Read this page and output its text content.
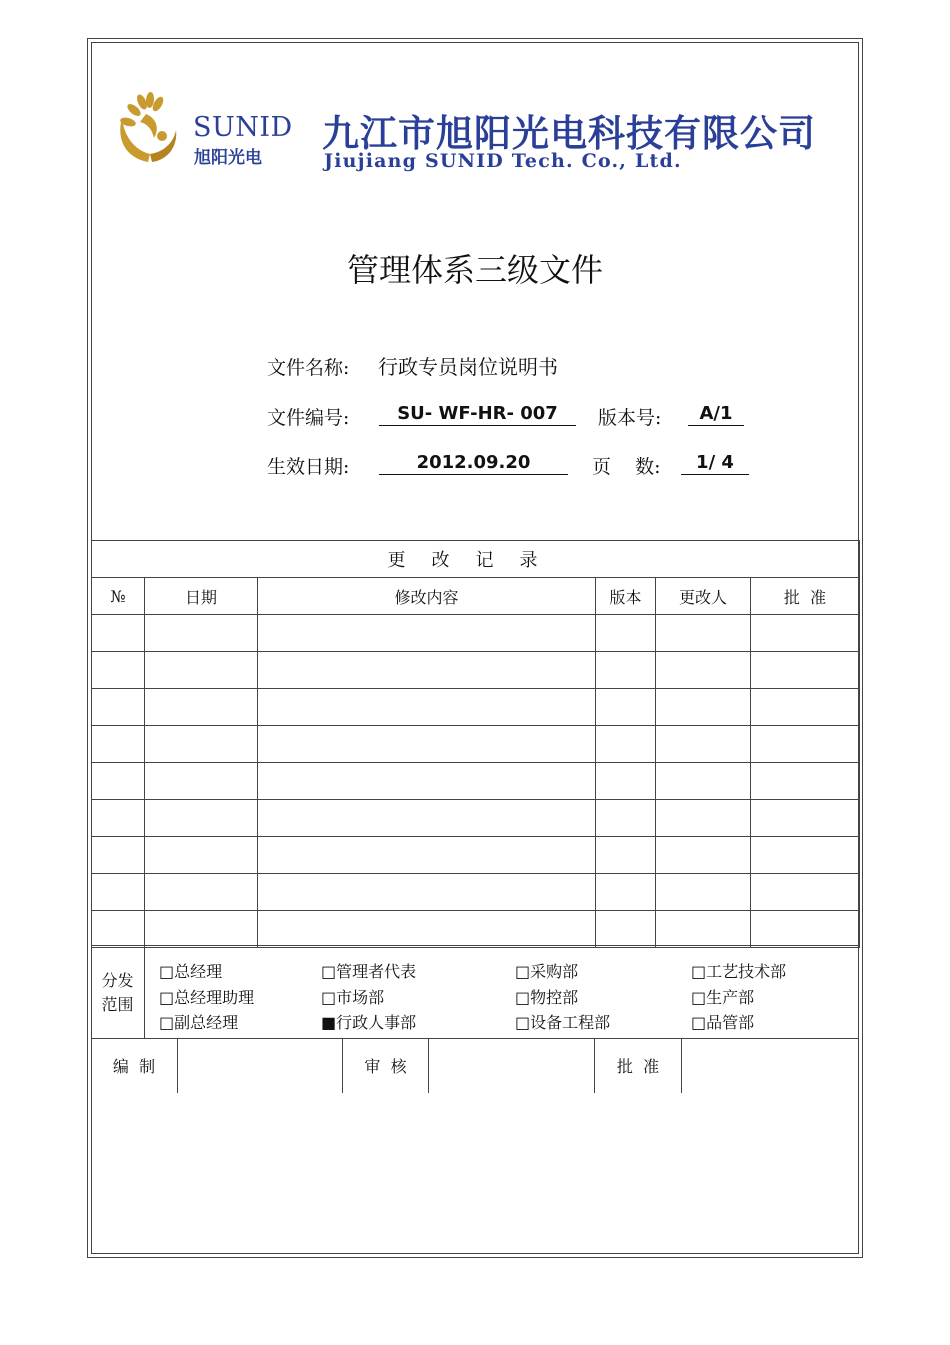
SUNID
旭阳光电
九江市旭阳光电科技有限公司
Jiujiang SUNID Tech. Co., Ltd.
管理体系三级文件
文件名称: 行政专员岗位说明书
文件编号:	SU- WF-HR- 007	版本号:	A/1
生效日期:	2012.09.20	页    数:	1/ 4
更改记录					
№	日期	修改内容	版本	更改人	批  准

分发范围
□总经理	□管理者代表	□采购部	□工艺技术部
□总经理助理	□市场部	□物控部	□生产部
□副总经理	■行政人事部	□设备工程部	□品管部
编  制	审  核	批  准
